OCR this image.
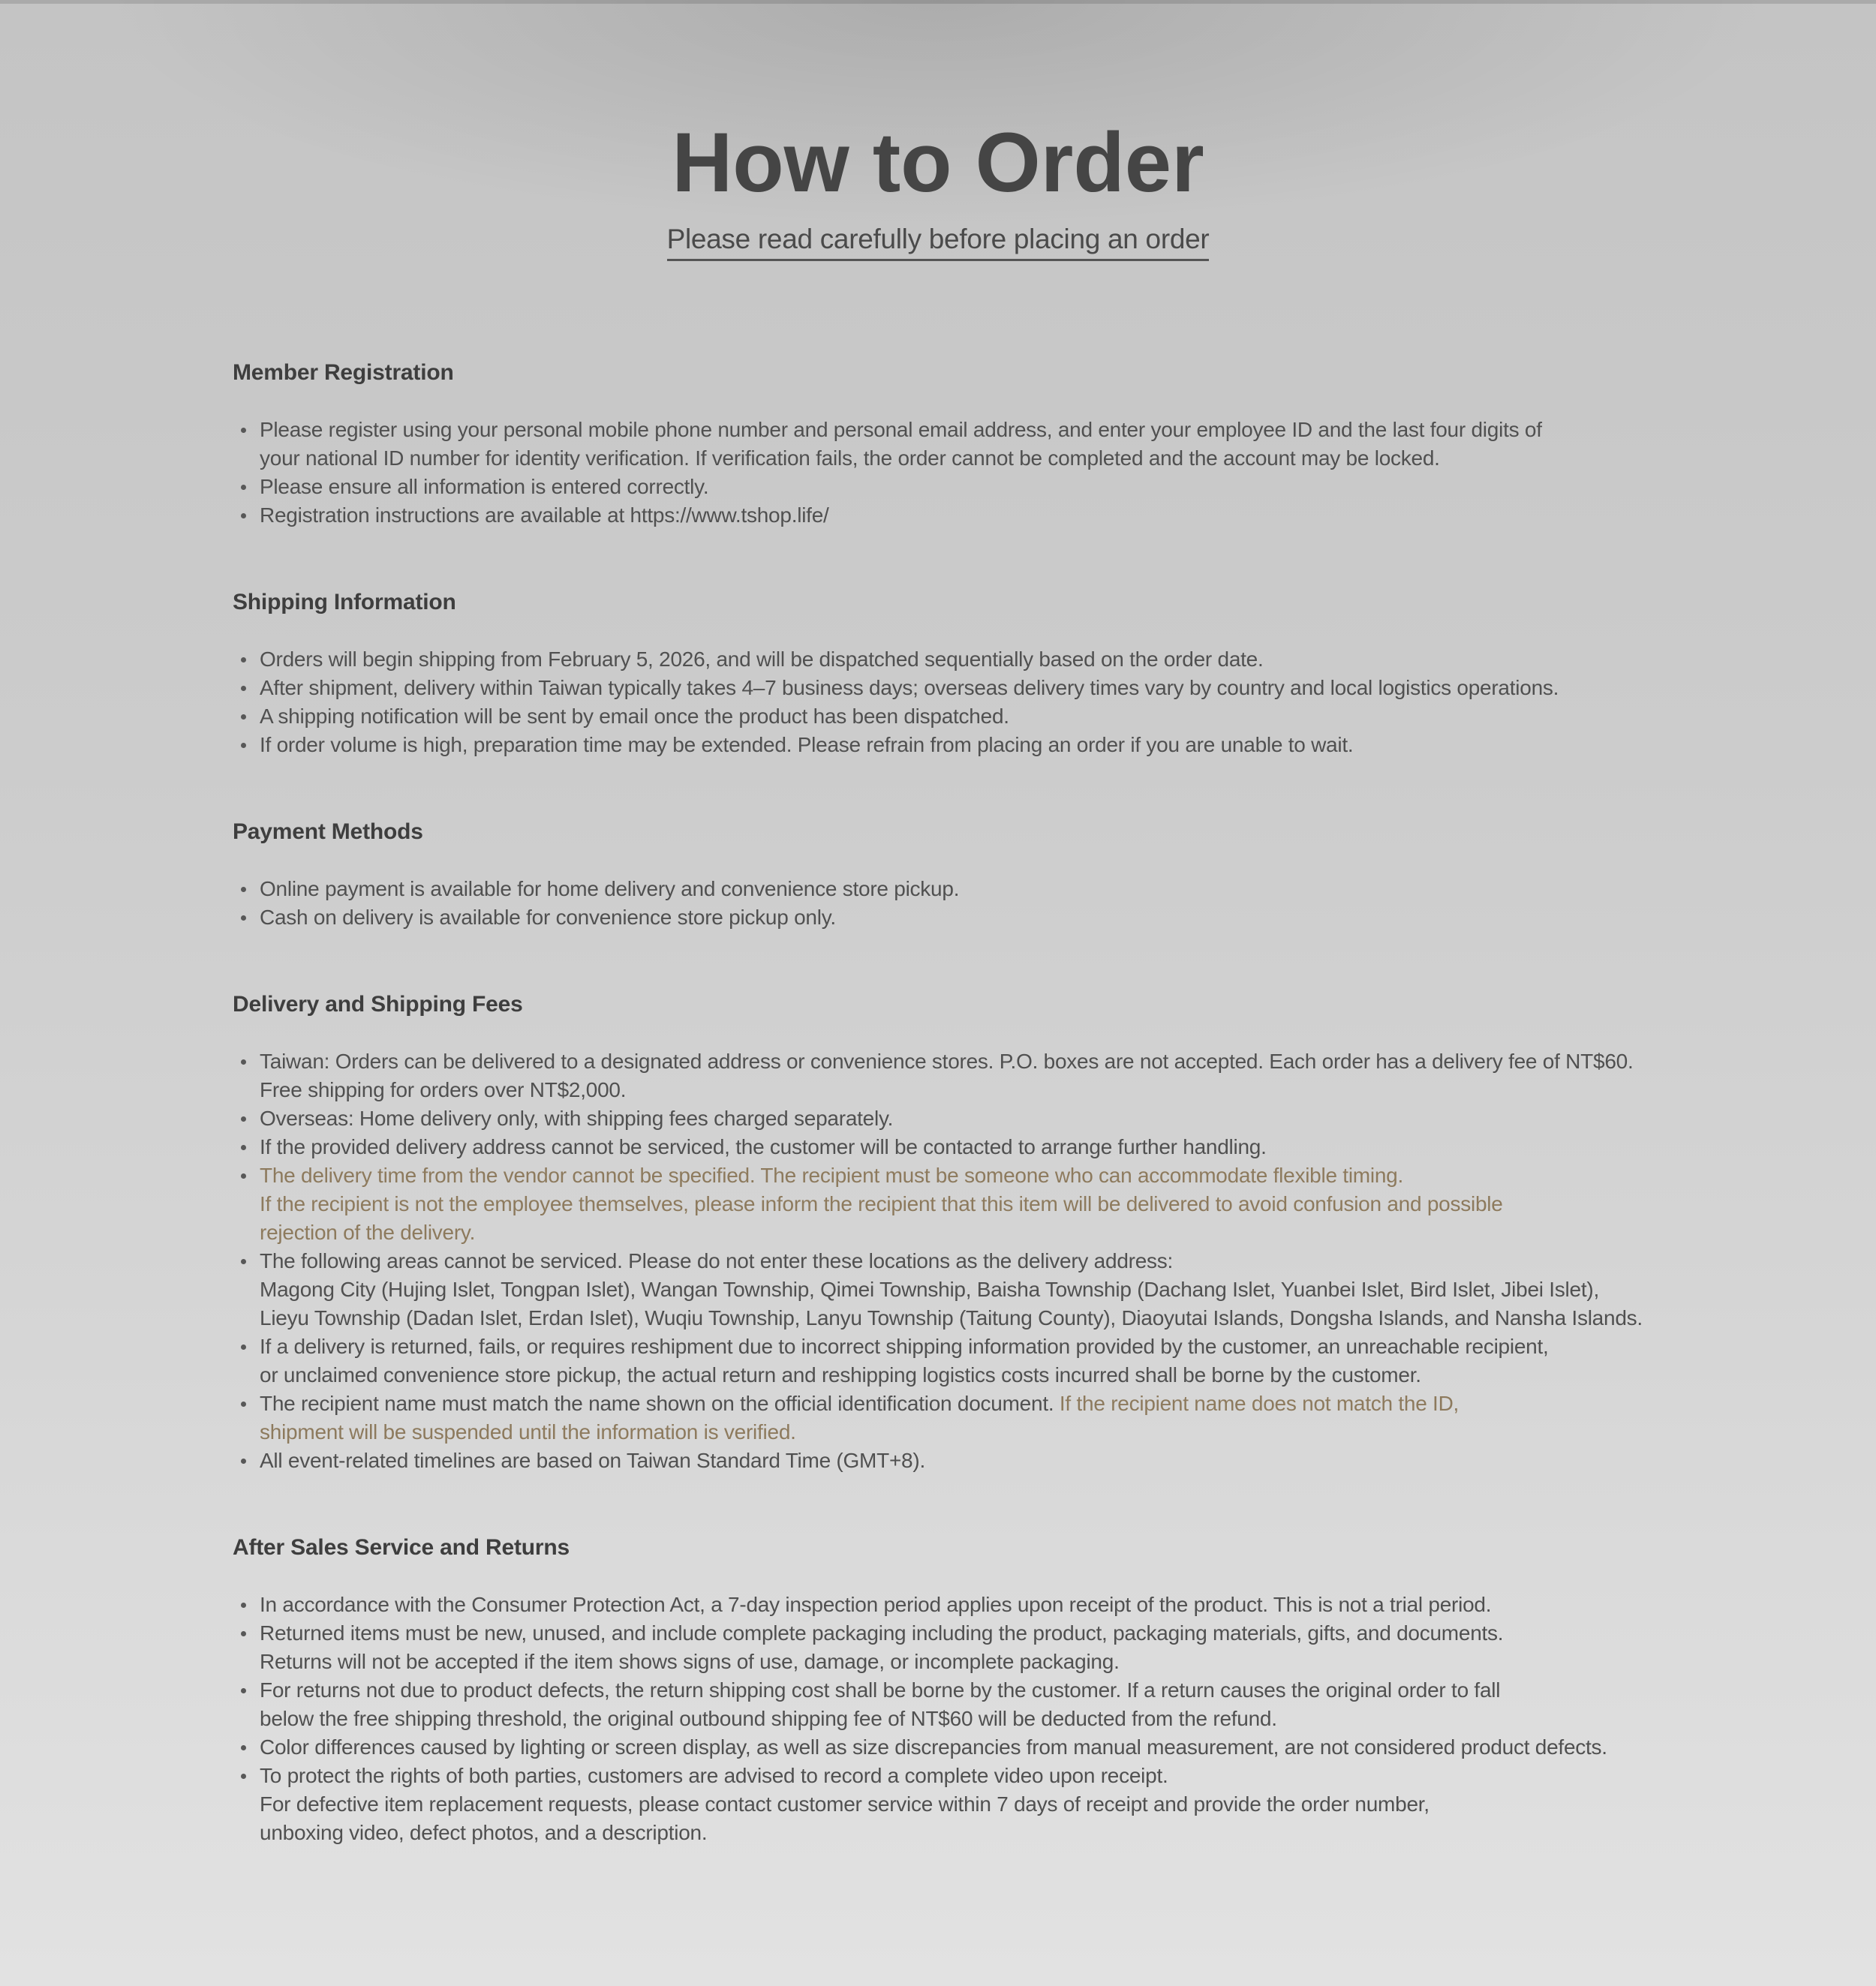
How to Order
Please read carefully before placing an order
Member Registration
Please register using your personal mobile phone number and personal email address, and enter your employee ID and the last four digits of
your national ID number for identity verification. If verification fails, the order cannot be completed and the account may be locked.
Please ensure all information is entered correctly.
Registration instructions are available at https://www.tshop.life/
Shipping Information
Orders will begin shipping from February 5, 2026, and will be dispatched sequentially based on the order date.
After shipment, delivery within Taiwan typically takes 4–7 business days; overseas delivery times vary by country and local logistics operations.
A shipping notification will be sent by email once the product has been dispatched.
If order volume is high, preparation time may be extended. Please refrain from placing an order if you are unable to wait.
Payment Methods
Online payment is available for home delivery and convenience store pickup.
Cash on delivery is available for convenience store pickup only.
Delivery and Shipping Fees
Taiwan: Orders can be delivered to a designated address or convenience stores. P.O. boxes are not accepted. Each order has a delivery fee of NT$60.
Free shipping for orders over NT$2,000.
Overseas: Home delivery only, with shipping fees charged separately.
If the provided delivery address cannot be serviced, the customer will be contacted to arrange further handling.
The delivery time from the vendor cannot be specified. The recipient must be someone who can accommodate flexible timing.
If the recipient is not the employee themselves, please inform the recipient that this item will be delivered to avoid confusion and possible
rejection of the delivery.
The following areas cannot be serviced. Please do not enter these locations as the delivery address:
Magong City (Hujing Islet, Tongpan Islet), Wangan Township, Qimei Township, Baisha Township (Dachang Islet, Yuanbei Islet, Bird Islet, Jibei Islet),
Lieyu Township (Dadan Islet, Erdan Islet), Wuqiu Township, Lanyu Township (Taitung County), Diaoyutai Islands, Dongsha Islands, and Nansha Islands.
If a delivery is returned, fails, or requires reshipment due to incorrect shipping information provided by the customer, an unreachable recipient,
or unclaimed convenience store pickup, the actual return and reshipping logistics costs incurred shall be borne by the customer.
The recipient name must match the name shown on the official identification document. If the recipient name does not match the ID,
shipment will be suspended until the information is verified.
All event-related timelines are based on Taiwan Standard Time (GMT+8).
After Sales Service and Returns
In accordance with the Consumer Protection Act, a 7-day inspection period applies upon receipt of the product. This is not a trial period.
Returned items must be new, unused, and include complete packaging including the product, packaging materials, gifts, and documents.
Returns will not be accepted if the item shows signs of use, damage, or incomplete packaging.
For returns not due to product defects, the return shipping cost shall be borne by the customer. If a return causes the original order to fall
below the free shipping threshold, the original outbound shipping fee of NT$60 will be deducted from the refund.
Color differences caused by lighting or screen display, as well as size discrepancies from manual measurement, are not considered product defects.
To protect the rights of both parties, customers are advised to record a complete video upon receipt.
For defective item replacement requests, please contact customer service within 7 days of receipt and provide the order number,
unboxing video, defect photos, and a description.
